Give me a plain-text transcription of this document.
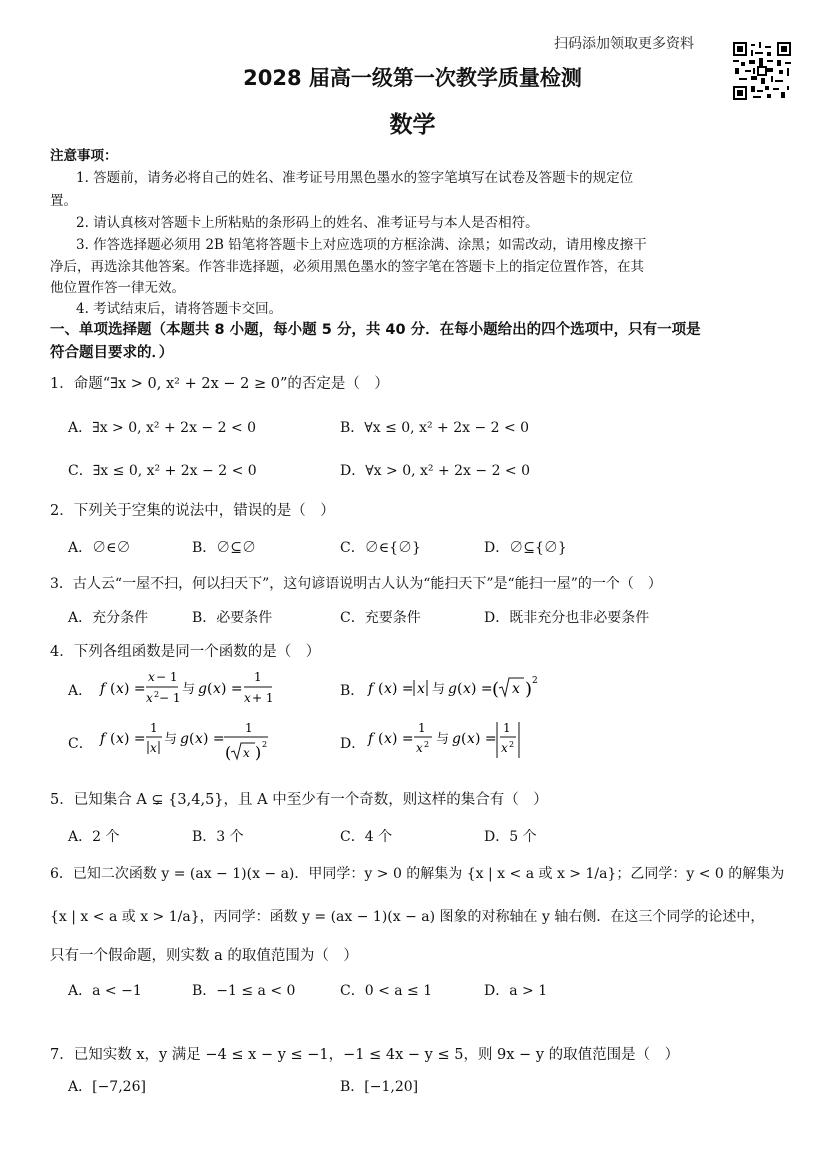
扫码添加领取更多资料
2028 届高一级第一次教学质量检测
数学
注意事项：
1. 答题前，请务必将自己的姓名、准考证号用黑色墨水的签字笔填写在试卷及答题卡的规定位
置。
2. 请认真核对答题卡上所粘贴的条形码上的姓名、准考证号与本人是否相符。
3. 作答选择题必须用 2B 铅笔将答题卡上对应选项的方框涂满、涂黑；如需改动，请用橡皮擦干
净后，再选涂其他答案。作答非选择题，必须用黑色墨水的签字笔在答题卡上的指定位置作答，在其
他位置作答一律无效。
4. 考试结束后，请将答题卡交回。
一、单项选择题（本题共 8 小题，每小题 5 分，共 40 分．在每小题给出的四个选项中，只有一项是
符合题目要求的．）
1．命题“∃x > 0, x² + 2x − 2 ≥ 0”的否定是（　）
A．∃x > 0, x² + 2x − 2 < 0	B．∀x ≤ 0, x² + 2x − 2 < 0
C．∃x ≤ 0, x² + 2x − 2 < 0	D．∀x > 0, x² + 2x − 2 < 0
2．下列关于空集的说法中，错误的是（　）
A．∅∈∅	B．∅⊆∅	C．∅∈{∅}	D．∅⊆{∅}
3．古人云“一屋不扫，何以扫天下”，这句谚语说明古人认为“能扫天下”是“能扫一屋”的一个（　）
A．充分条件	B．必要条件	C．充要条件	D．既非充分也非必要条件
4．下列各组函数是同一个函数的是（　）
A． f ( x ) =
x − 1
x 2 − 1
与 g ( x ) =
1
x + 1	B． f ( x ) = x 与 g ( x ) = ( x ) 2
C． f ( x ) =
1
x
与 g ( x ) =
1
( x ) 2	D． f ( x ) =
1
x 2 与 g ( x ) =
1
x 2
5．已知集合 A ⊊ {3,4,5}，且 A 中至少有一个奇数，则这样的集合有（　）
A．2 个	B．3 个	C．4 个	D．5 个
6．已知二次函数 y = (ax − 1)(x − a)．甲同学：y > 0 的解集为 {x | x < a 或 x > 1/a}；乙同学：y < 0 的解集为
{x | x < a 或 x > 1/a}，丙同学：函数 y = (ax − 1)(x − a) 图象的对称轴在 y 轴右侧．在这三个同学的论述中，
只有一个假命题，则实数 a 的取值范围为（　）
A．a < −1	B．−1 ≤ a < 0	C．0 < a ≤ 1	D．a > 1
7．已知实数 x，y 满足 −4 ≤ x − y ≤ −1，−1 ≤ 4x − y ≤ 5，则 9x − y 的取值范围是（　）
A．[−7,26]	B．[−1,20]
